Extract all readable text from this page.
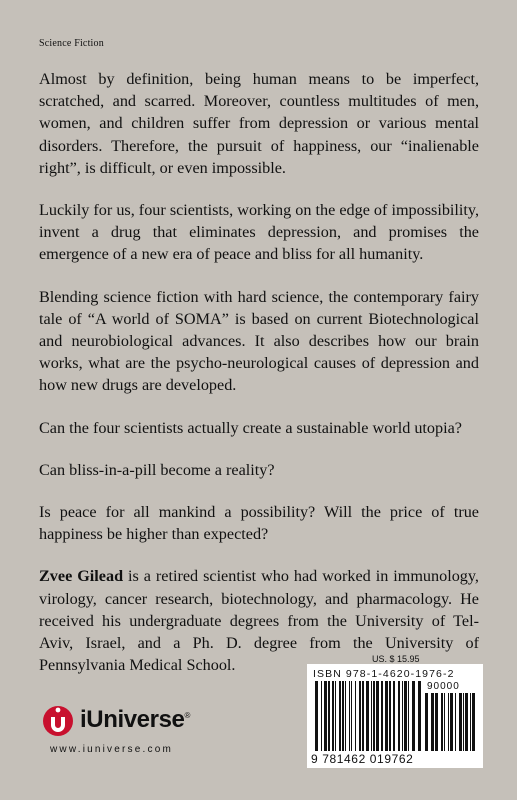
Science Fiction

Almost by definition, being human means to be imperfect, scratched, and scarred. Moreover, countless multitudes of men, women, and children suffer from depression or various mental disorders. Therefore, the pursuit of happiness, our “inalienable right”, is difficult, or even impossible.

Luckily for us, four scientists, working on the edge of impossibility, invent a drug that eliminates depression, and promises the emergence of a new era of peace and bliss for all humanity.

Blending science fiction with hard science, the contemporary fairy tale of “A world of SOMA” is based on current Biotechnological and neurobiological advances. It also describes how our brain works, what are the psycho-neurological causes of depression and how new drugs are developed.

Can the four scientists actually create a sustainable world utopia?

Can bliss-in-a-pill become a reality?

Is peace for all mankind a possibility? Will the price of true happiness be higher than expected?

Zvee Gilead is a retired scientist who had worked in immunology, virology, cancer research, biotechnology, and pharmacology. He received his undergraduate degrees from the University of Tel-Aviv, Israel, and a Ph. D. degree from the University of Pennsylvania Medical School.	US. $ 15.95
ISBN 978-1-4620-1976-2
90000
9 781462 019762
iUniverse®
www.iuniverse.com
